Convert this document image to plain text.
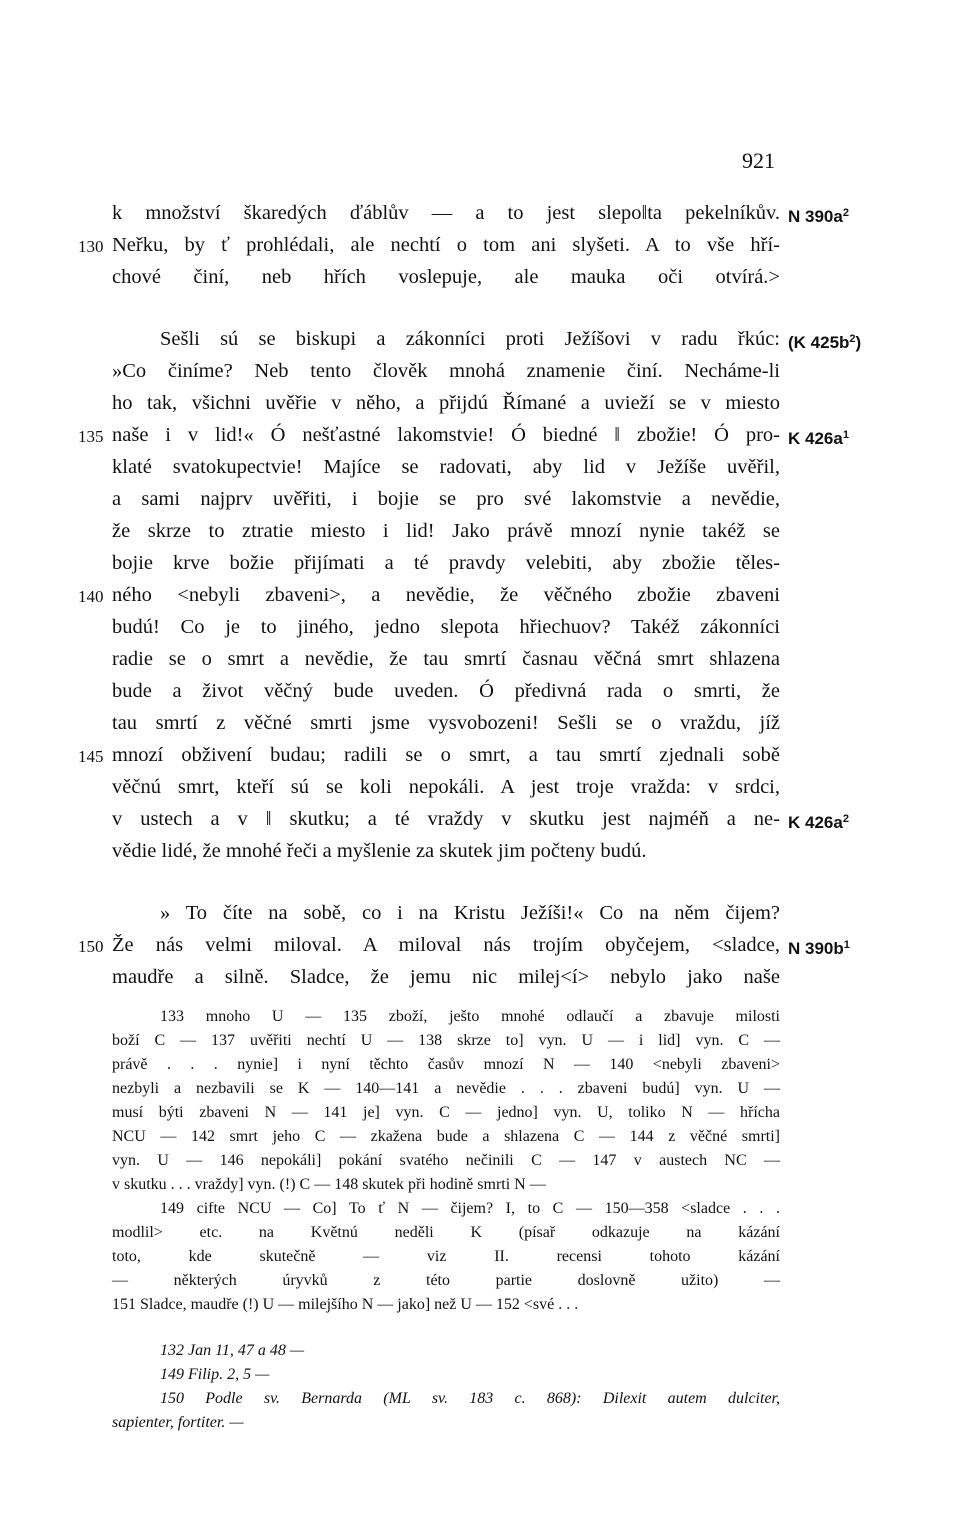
921
k množství škaredých ďáblův — a to jest slepo‖ta pekelníkův.
Neřku, by ť prohlédali, ale nechtí o tom ani slyšeti. A to vše hří-
130
chové činí, neb hřích voslepuje, ale mauka oči otvírá.>
Sešli sú se biskupi a zákonníci proti Ježíšovi v radu řkúc:
»Co činíme? Neb tento člověk mnohá znamenie činí. Necháme-li
ho tak, všichni uvěřie v něho, a přijdú Římané a uvieží se v miesto
naše i v lid!« Ó nešťastné lakomstvie! Ó biedné ‖ zbožie! Ó pro-
135
klaté svatokupectvie! Majíce se radovati, aby lid v Ježíše uvěřil,
a sami najprv uvěřiti, i bojie se pro své lakomstvie a nevědie,
že skrze to ztratie miesto i lid! Jako právě mnozí nynie takéž se
bojie krve božie přijímati a té pravdy velebiti, aby zbožie těles-
ného <nebyli zbaveni>, a nevědie, že věčného zbožie zbaveni
140
budú! Co je to jiného, jedno slepota hřiechuov? Takéž zákonníci
radie se o smrt a nevědie, že tau smrtí časnau věčná smrt shlazena
bude a život věčný bude uveden. Ó předivná rada o smrti, že
tau smrtí z věčné smrti jsme vysvobozeni! Sešli se o vraždu, jíž
mnozí obživení budau; radili se o smrt, a tau smrtí zjednali sobě
145
věčnú smrt, kteří sú se koli nepokáli. A jest troje vražda: v srdci,
v ustech a v ‖ skutku; a té vraždy v skutku jest najméň a ne-
vědie lidé, že mnohé řeči a myšlenie za skutek jim počteny budú.
» To číte na sobě, co i na Kristu Ježíši!« Co na něm čijem?
Že nás velmi miloval. A miloval nás trojím obyčejem, <sladce,
150
maudře a silně. Sladce, že jemu nic milej<í> nebylo jako naše
N $390a^2$
(K $425b^2$)
K $426a^1$
K $426a^2$
N $390b^1$
133 mnoho U — 135 zboží, ješto mnohé odlaučí a zbavuje milosti
boží C — 137 uvěřiti nechtí U — 138 skrze to] vyn. U — i lid] vyn. C —
právě . . . nynie] i nyní těchto časův mnozí N — 140 <nebyli zbaveni>
nezbyli a nezbavili se K — 140—141 a nevědie . . . zbaveni budú] vyn. U —
musí býti zbaveni N — 141 je] vyn. C — jedno] vyn. U, toliko N — hřícha
NCU — 142 smrt jeho C — zkažena bude a shlazena C — 144 z věčné smrti]
vyn. U — 146 nepokáli] pokání svatého nečinili C — 147 v austech NC —
v skutku . . . vraždy] vyn. (!) C — 148 skutek při hodině smrti N —
149 cifte NCU — Co] To ť N — čijem? I, to C — 150—358 <sladce . . .
modlil> etc. na Květnú neděli K (písař odkazuje na kázání
toto, kde skutečně — viz II. recensi tohoto kázání
— některých úryvků z této partie doslovně užito) —
151 Sladce, maudře (!) U — milejšího N — jako] než U — 152 <své . . .
132 Jan 11, 47 a 48 —
149 Filip. 2, 5 —
150 Podle sv. Bernarda (ML sv. 183 c. 868): Dilexit autem dulciter,
sapienter, fortiter. —
